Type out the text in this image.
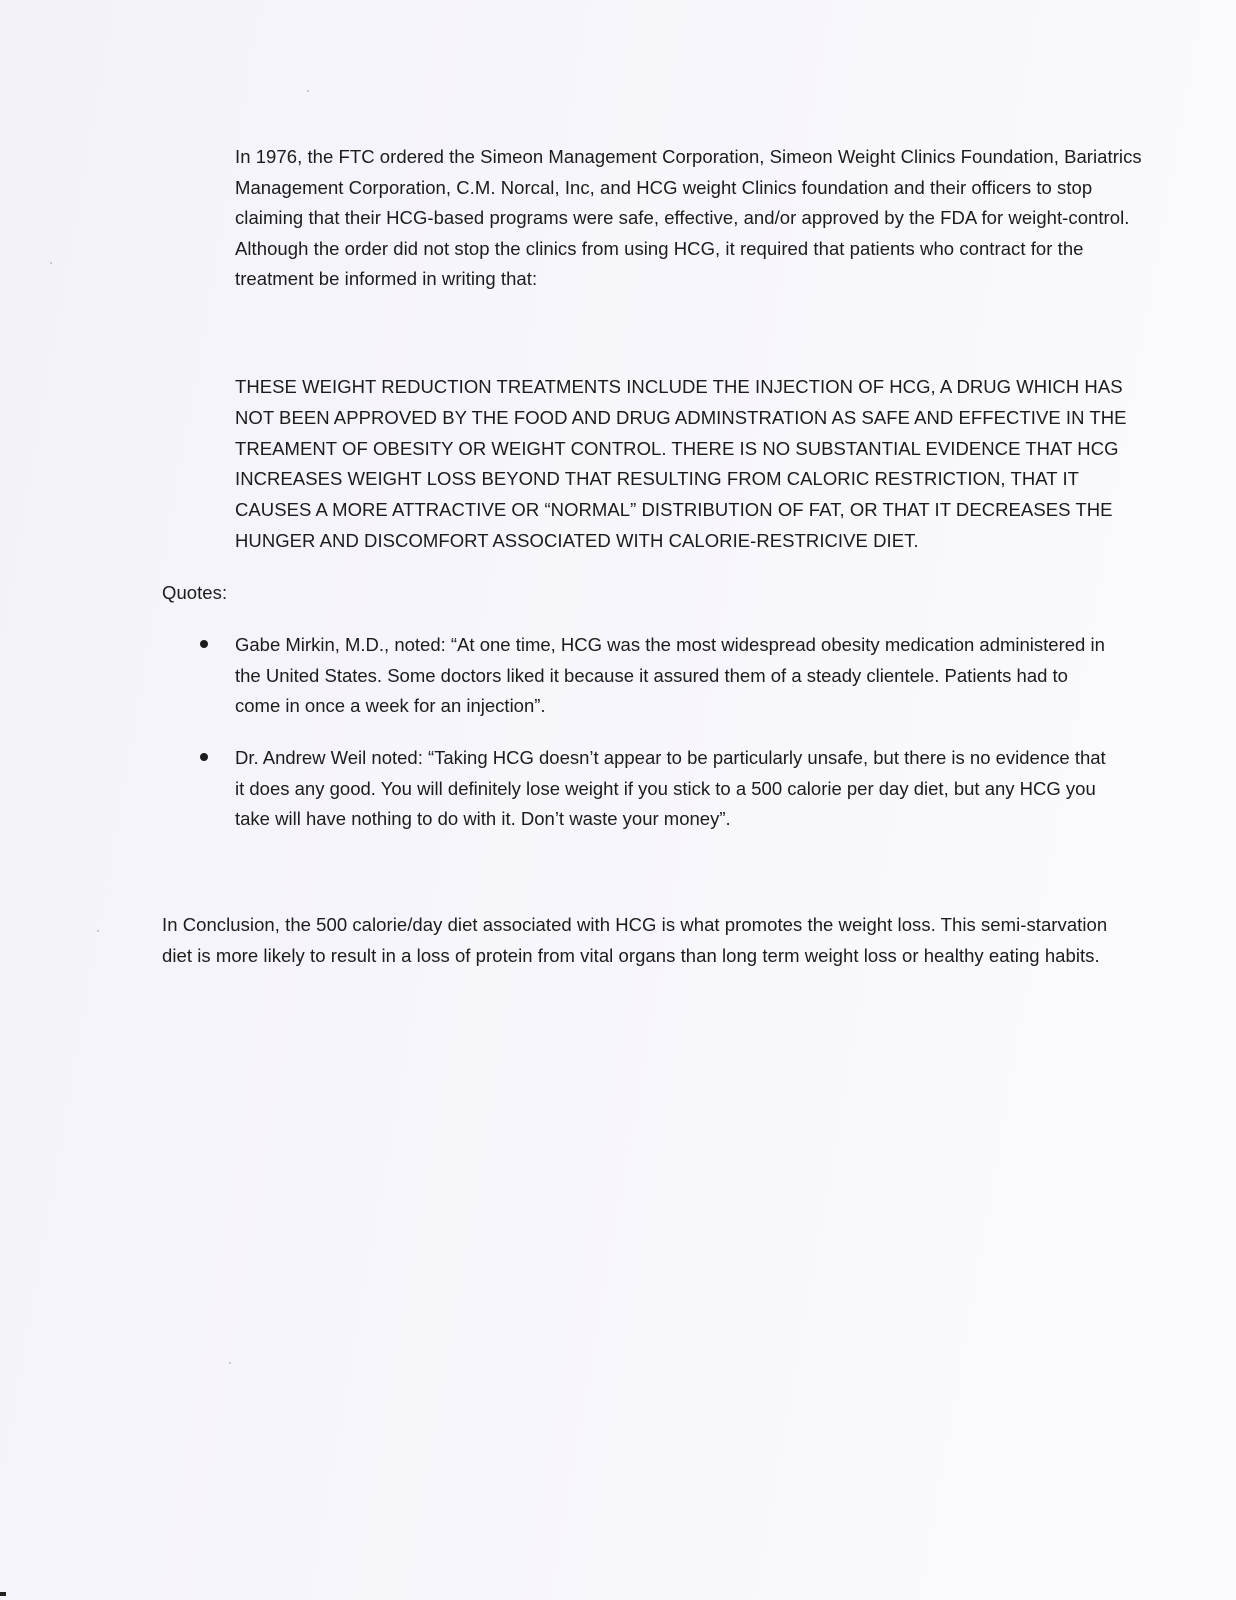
In 1976, the FTC ordered the Simeon Management Corporation, Simeon Weight Clinics Foundation, Bariatrics Management Corporation, C.M. Norcal, Inc, and HCG weight Clinics foundation and their officers to stop claiming that their HCG-based programs were safe, effective, and/or approved by the FDA for weight-control. Although the order did not stop the clinics from using HCG, it required that patients who contract for the treatment be informed in writing that:

THESE WEIGHT REDUCTION TREATMENTS INCLUDE THE INJECTION OF HCG, A DRUG WHICH HAS NOT BEEN APPROVED BY THE FOOD AND DRUG ADMINSTRATION AS SAFE AND EFFECTIVE IN THE TREAMENT OF OBESITY OR WEIGHT CONTROL. THERE IS NO SUBSTANTIAL EVIDENCE THAT HCG INCREASES WEIGHT LOSS BEYOND THAT RESULTING FROM CALORIC RESTRICTION, THAT IT CAUSES A MORE ATTRACTIVE OR “NORMAL” DISTRIBUTION OF FAT, OR THAT IT DECREASES THE HUNGER AND DISCOMFORT ASSOCIATED WITH CALORIE-RESTRICIVE DIET.

Quotes:

Gabe Mirkin, M.D., noted: “At one time, HCG was the most widespread obesity medication administered in the United States. Some doctors liked it because it assured them of a steady clientele. Patients had to come in once a week for an injection”.

Dr. Andrew Weil noted: “Taking HCG doesn’t appear to be particularly unsafe, but there is no evidence that it does any good. You will definitely lose weight if you stick to a 500 calorie per day diet, but any HCG you take will have nothing to do with it. Don’t waste your money”.

In Conclusion, the 500 calorie/day diet associated with HCG is what promotes the weight loss. This semi-starvation diet is more likely to result in a loss of protein from vital organs than long term weight loss or healthy eating habits.
